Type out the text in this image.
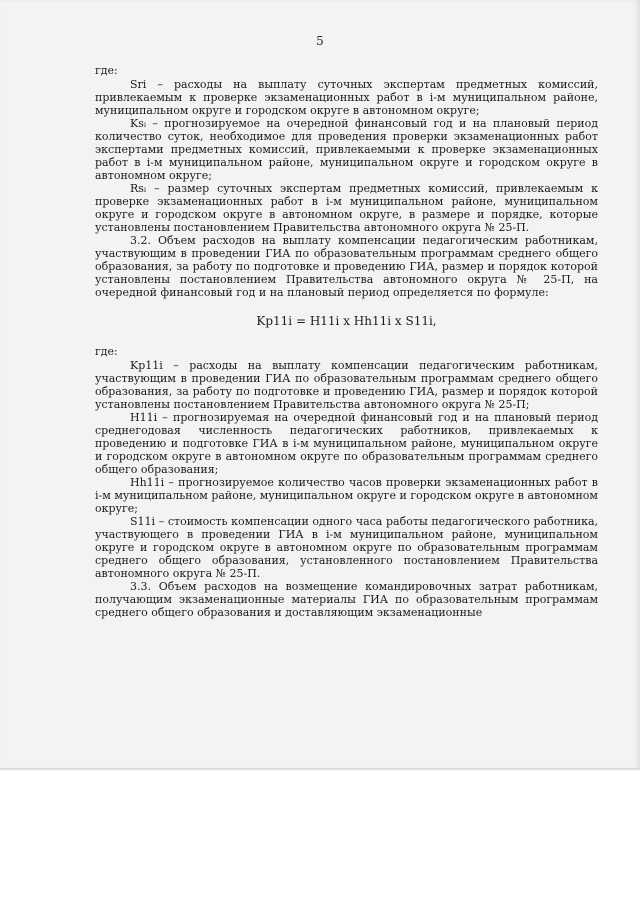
5

где:

Sri – расходы на выплату суточных экспертам предметных комиссий, привлекаемым к проверке экзаменационных работ в i-м муниципальном районе, муниципальном округе и городском округе в автономном округе;

Ksᵢ – прогнозируемое на очередной финансовый год и на плановый период количество суток, необходимое для проведения проверки экзаменационных работ экспертами предметных комиссий, привлекаемыми к проверке экзаменационных работ в i-м муниципальном районе, муниципальном округе и городском округе в автономном округе;

Rsᵢ – размер суточных экспертам предметных комиссий, привлекаемым к проверке экзаменационных работ в i-м муниципальном районе, муниципальном округе и городском округе в автономном округе, в размере и порядке, которые установлены постановлением Правительства автономного округа № 25-П.

3.2. Объем расходов на выплату компенсации педагогическим работникам, участвующим в проведении ГИА по образовательным программам среднего общего образования, за работу по подготовке и проведению ГИА, размер и порядок которой установлены постановлением Правительства автономного округа № 25-П, на очередной финансовый год и на плановый период определяется по формуле:

Kp11i = H11i x Hh11i x S11i,

где:

Kp11i – расходы на выплату компенсации педагогическим работникам, участвующим в проведении ГИА по образовательным программам среднего общего образования, за работу по подготовке и проведению ГИА, размер и порядок которой установлены постановлением Правительства автономного округа № 25-П;

H11i – прогнозируемая на очередной финансовый год и на плановый период среднегодовая численность педагогических работников, привлекаемых к проведению и подготовке ГИА в i-м муниципальном районе, муниципальном округе и городском округе в автономном округе по образовательным программам среднего общего образования;

Hh11i – прогнозируемое количество часов проверки экзаменационных работ в i-м муниципальном районе, муниципальном округе и городском округе в автономном округе;

S11i – стоимость компенсации одного часа работы педагогического работника, участвующего в проведении ГИА в i-м муниципальном районе, муниципальном округе и городском округе в автономном округе по образовательным программам среднего общего образования, установленного постановлением Правительства автономного округа № 25-П.

3.3. Объем расходов на возмещение командировочных затрат работникам, получающим экзаменационные материалы ГИА по образовательным программам среднего общего образования и доставляющим экзаменационные
